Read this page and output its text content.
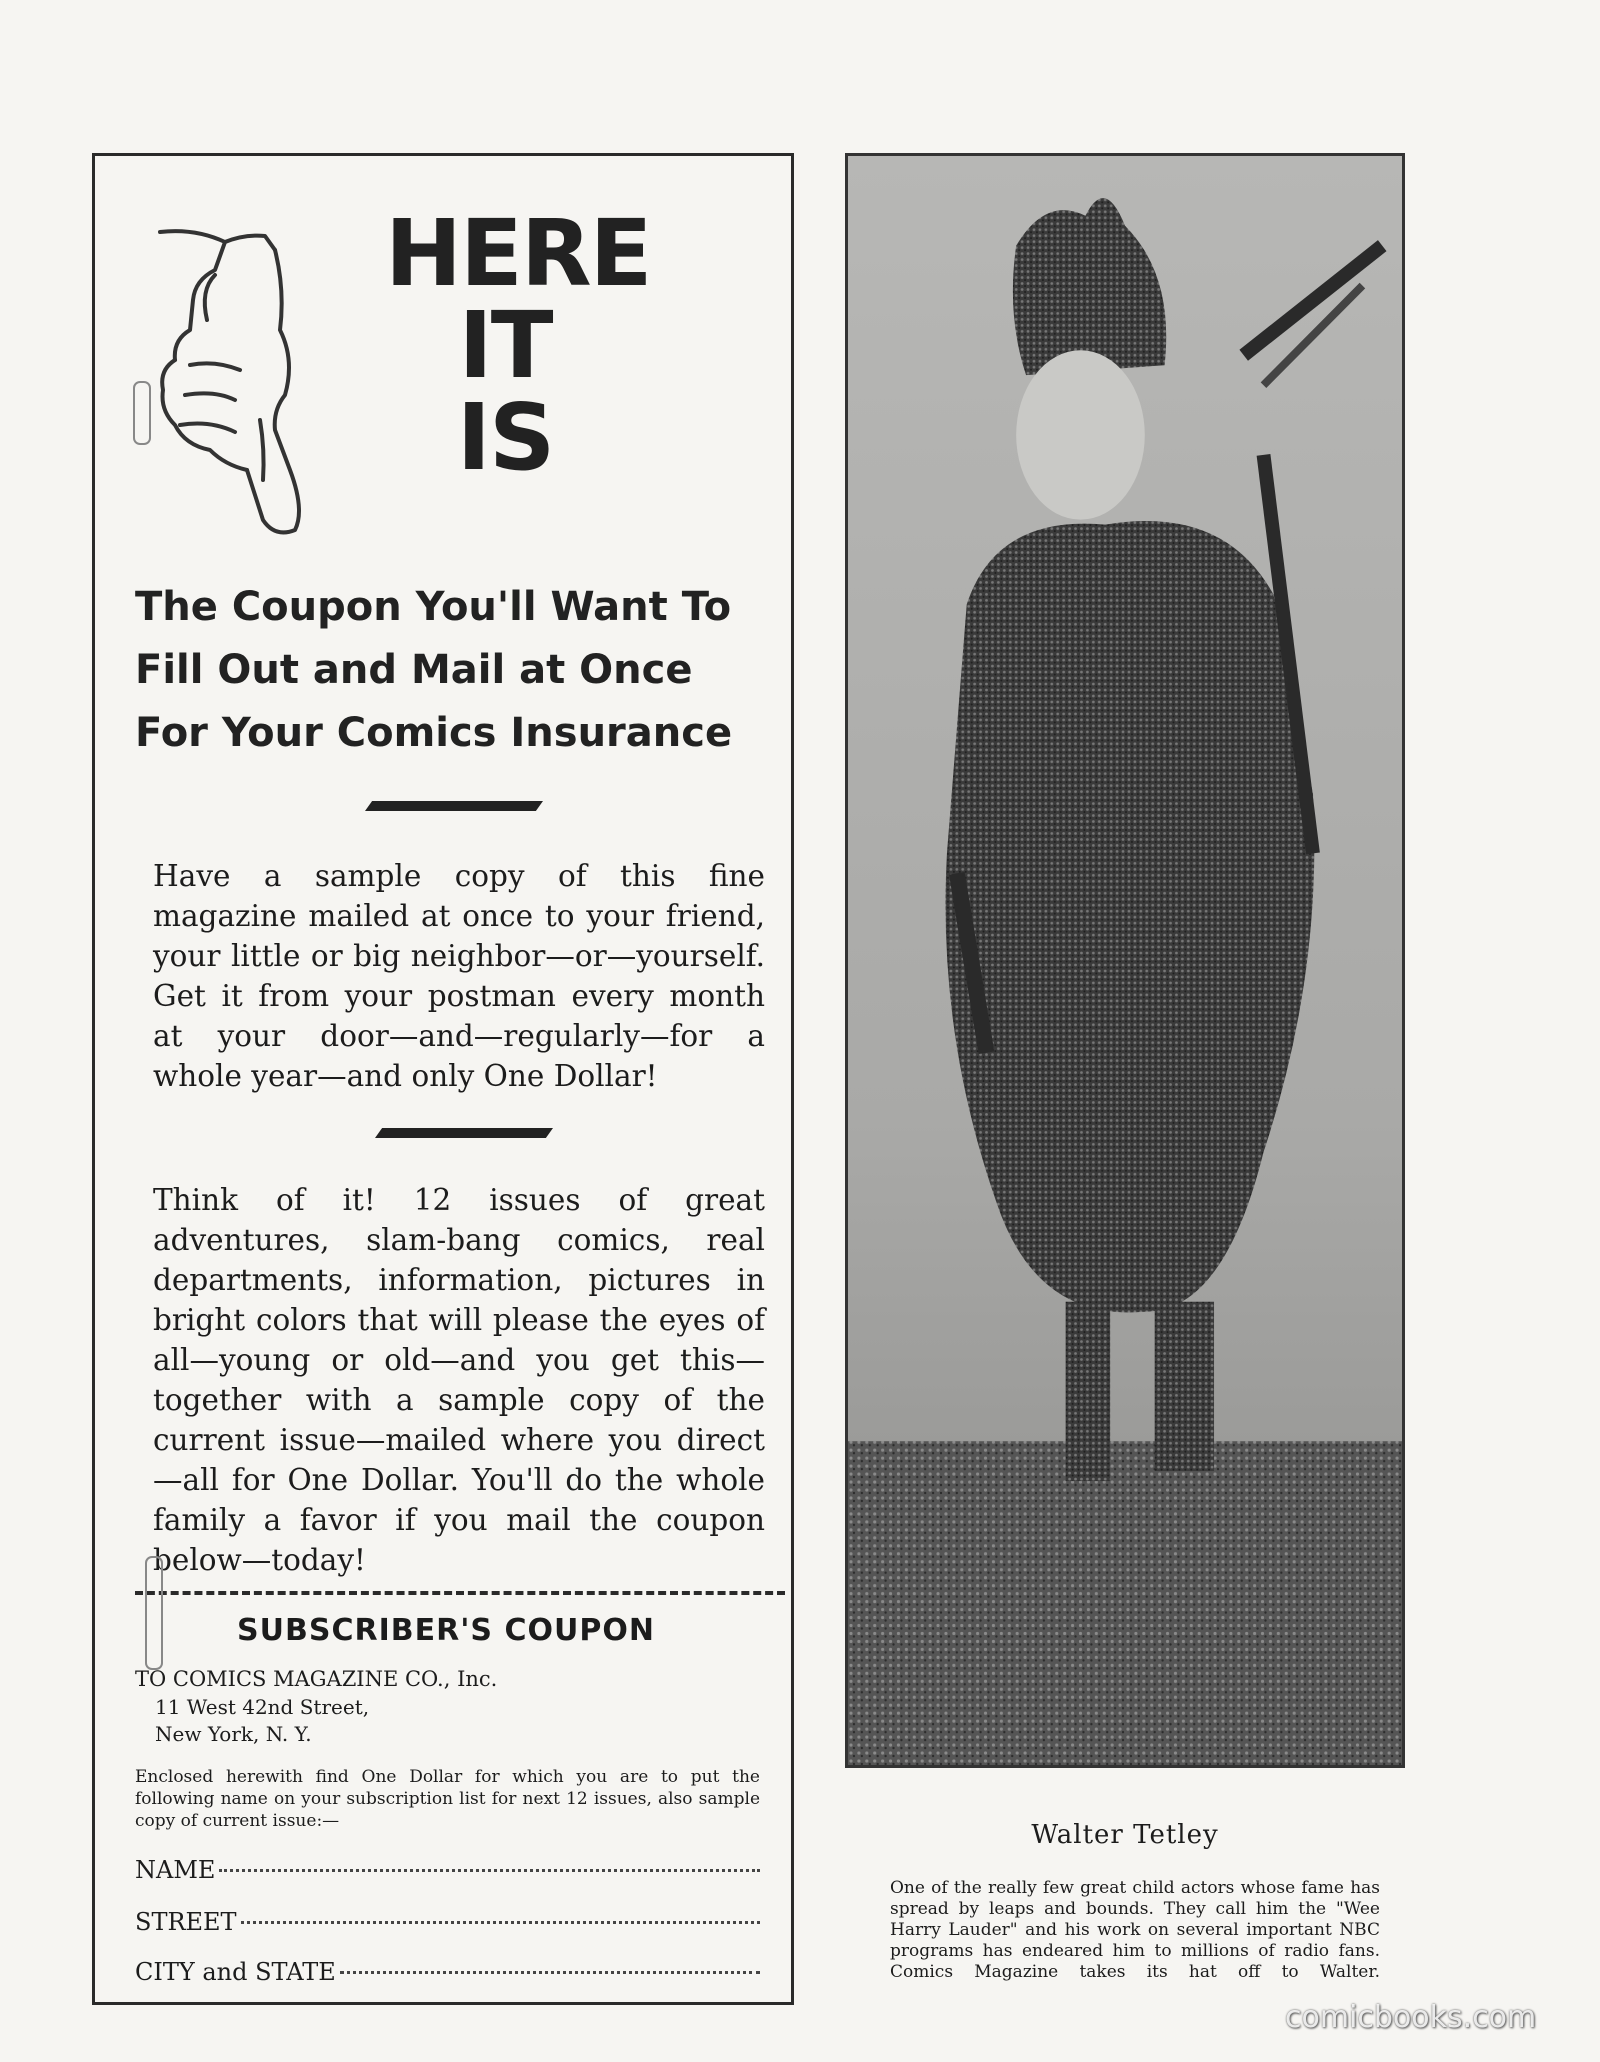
HERE
IT
IS
The Coupon You'll Want To
Fill Out and Mail at Once
For Your Comics Insurance
Have a sample copy of this fine magazine mailed at once to your friend, your little or big neighbor—or—yourself. Get it from your postman every month at your door—and—regularly—for a whole year—and only One Dollar!
Think of it! 12 issues of great adventures, slam-bang comics, real departments, information, pictures in bright colors that will please the eyes of all—young or old—and you get this—together with a sample copy of the current issue—mailed where you direct—all for One Dollar. You'll do the whole family a favor if you mail the coupon below—today!
SUBSCRIBER'S COUPON
TO COMICS MAGAZINE CO., Inc.
11 West 42nd Street,
New York, N. Y.
Enclosed herewith find One Dollar for which you are to put the following name on your subscription list for next 12 issues, also sample copy of current issue:—
NAME
STREET
CITY and STATE
Walter Tetley
One of the really few great child actors whose fame has spread by leaps and bounds. They call him the "Wee Harry Lauder" and his work on several important NBC programs has endeared him to millions of radio fans. Comics Magazine takes its hat off to Walter.
comicbooks.com
